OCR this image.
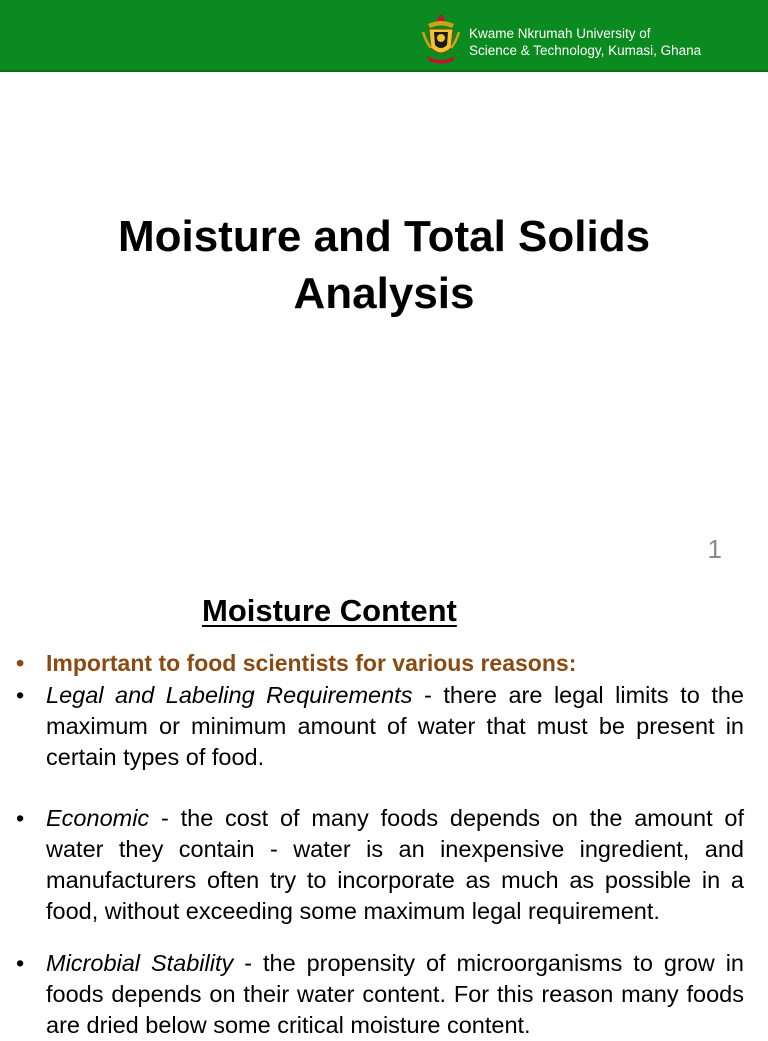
Kwame Nkrumah University of
Science & Technology, Kumasi, Ghana
Moisture and Total Solids
Analysis
1
Moisture Content
• Important to food scientists for various reasons:
• Legal and Labeling Requirements - there are legal limits to the maximum or minimum amount of water that must be present in certain types of food.
• Economic - the cost of many foods depends on the amount of water they contain - water is an inexpensive ingredient, and manufacturers often try to incorporate as much as possible in a food, without exceeding some maximum legal requirement.
• Microbial Stability - the propensity of microorganisms to grow in foods depends on their water content. For this reason many foods are dried below some critical moisture content.
